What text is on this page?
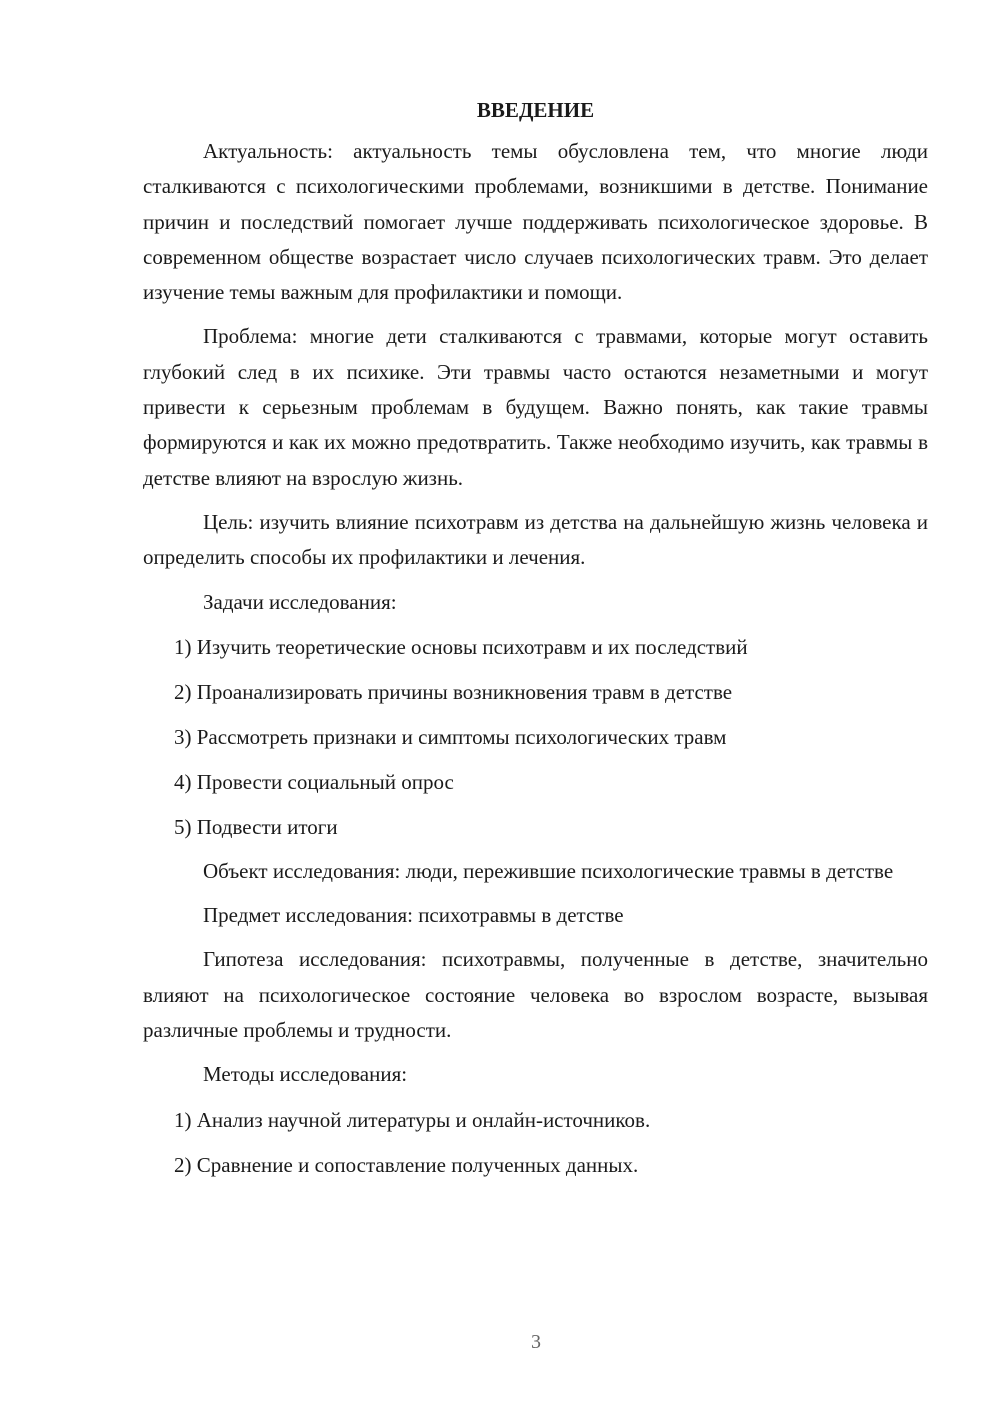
ВВЕДЕНИЕ

Актуальность: актуальность темы обусловлена тем, что многие люди сталкиваются с психологическими проблемами, возникшими в детстве. Понимание причин и последствий помогает лучше поддерживать психологическое здоровье. В современном обществе возрастает число случаев психологических травм. Это делает изучение темы важным для профилактики и помощи.

Проблема: многие дети сталкиваются с травмами, которые могут оставить глубокий след в их психике. Эти травмы часто остаются незаметными и могут привести к серьезным проблемам в будущем. Важно понять, как такие травмы формируются и как их можно предотвратить. Также необходимо изучить, как травмы в детстве влияют на взрослую жизнь.

Цель: изучить влияние психотравм из детства на дальнейшую жизнь человека и определить способы их профилактики и лечения.

Задачи исследования:

1) Изучить теоретические основы психотравм и их последствий

2) Проанализировать причины возникновения травм в детстве

3) Рассмотреть признаки и симптомы психологических травм

4) Провести социальный опрос

5) Подвести итоги

Объект исследования: люди, пережившие психологические травмы в детстве

Предмет исследования: психотравмы в детстве

Гипотеза исследования: психотравмы, полученные в детстве, значительно влияют на психологическое состояние человека во взрослом возрасте, вызывая различные проблемы и трудности.

Методы исследования:

1) Анализ научной литературы и онлайн-источников.

2) Сравнение и сопоставление полученных данных.

3
